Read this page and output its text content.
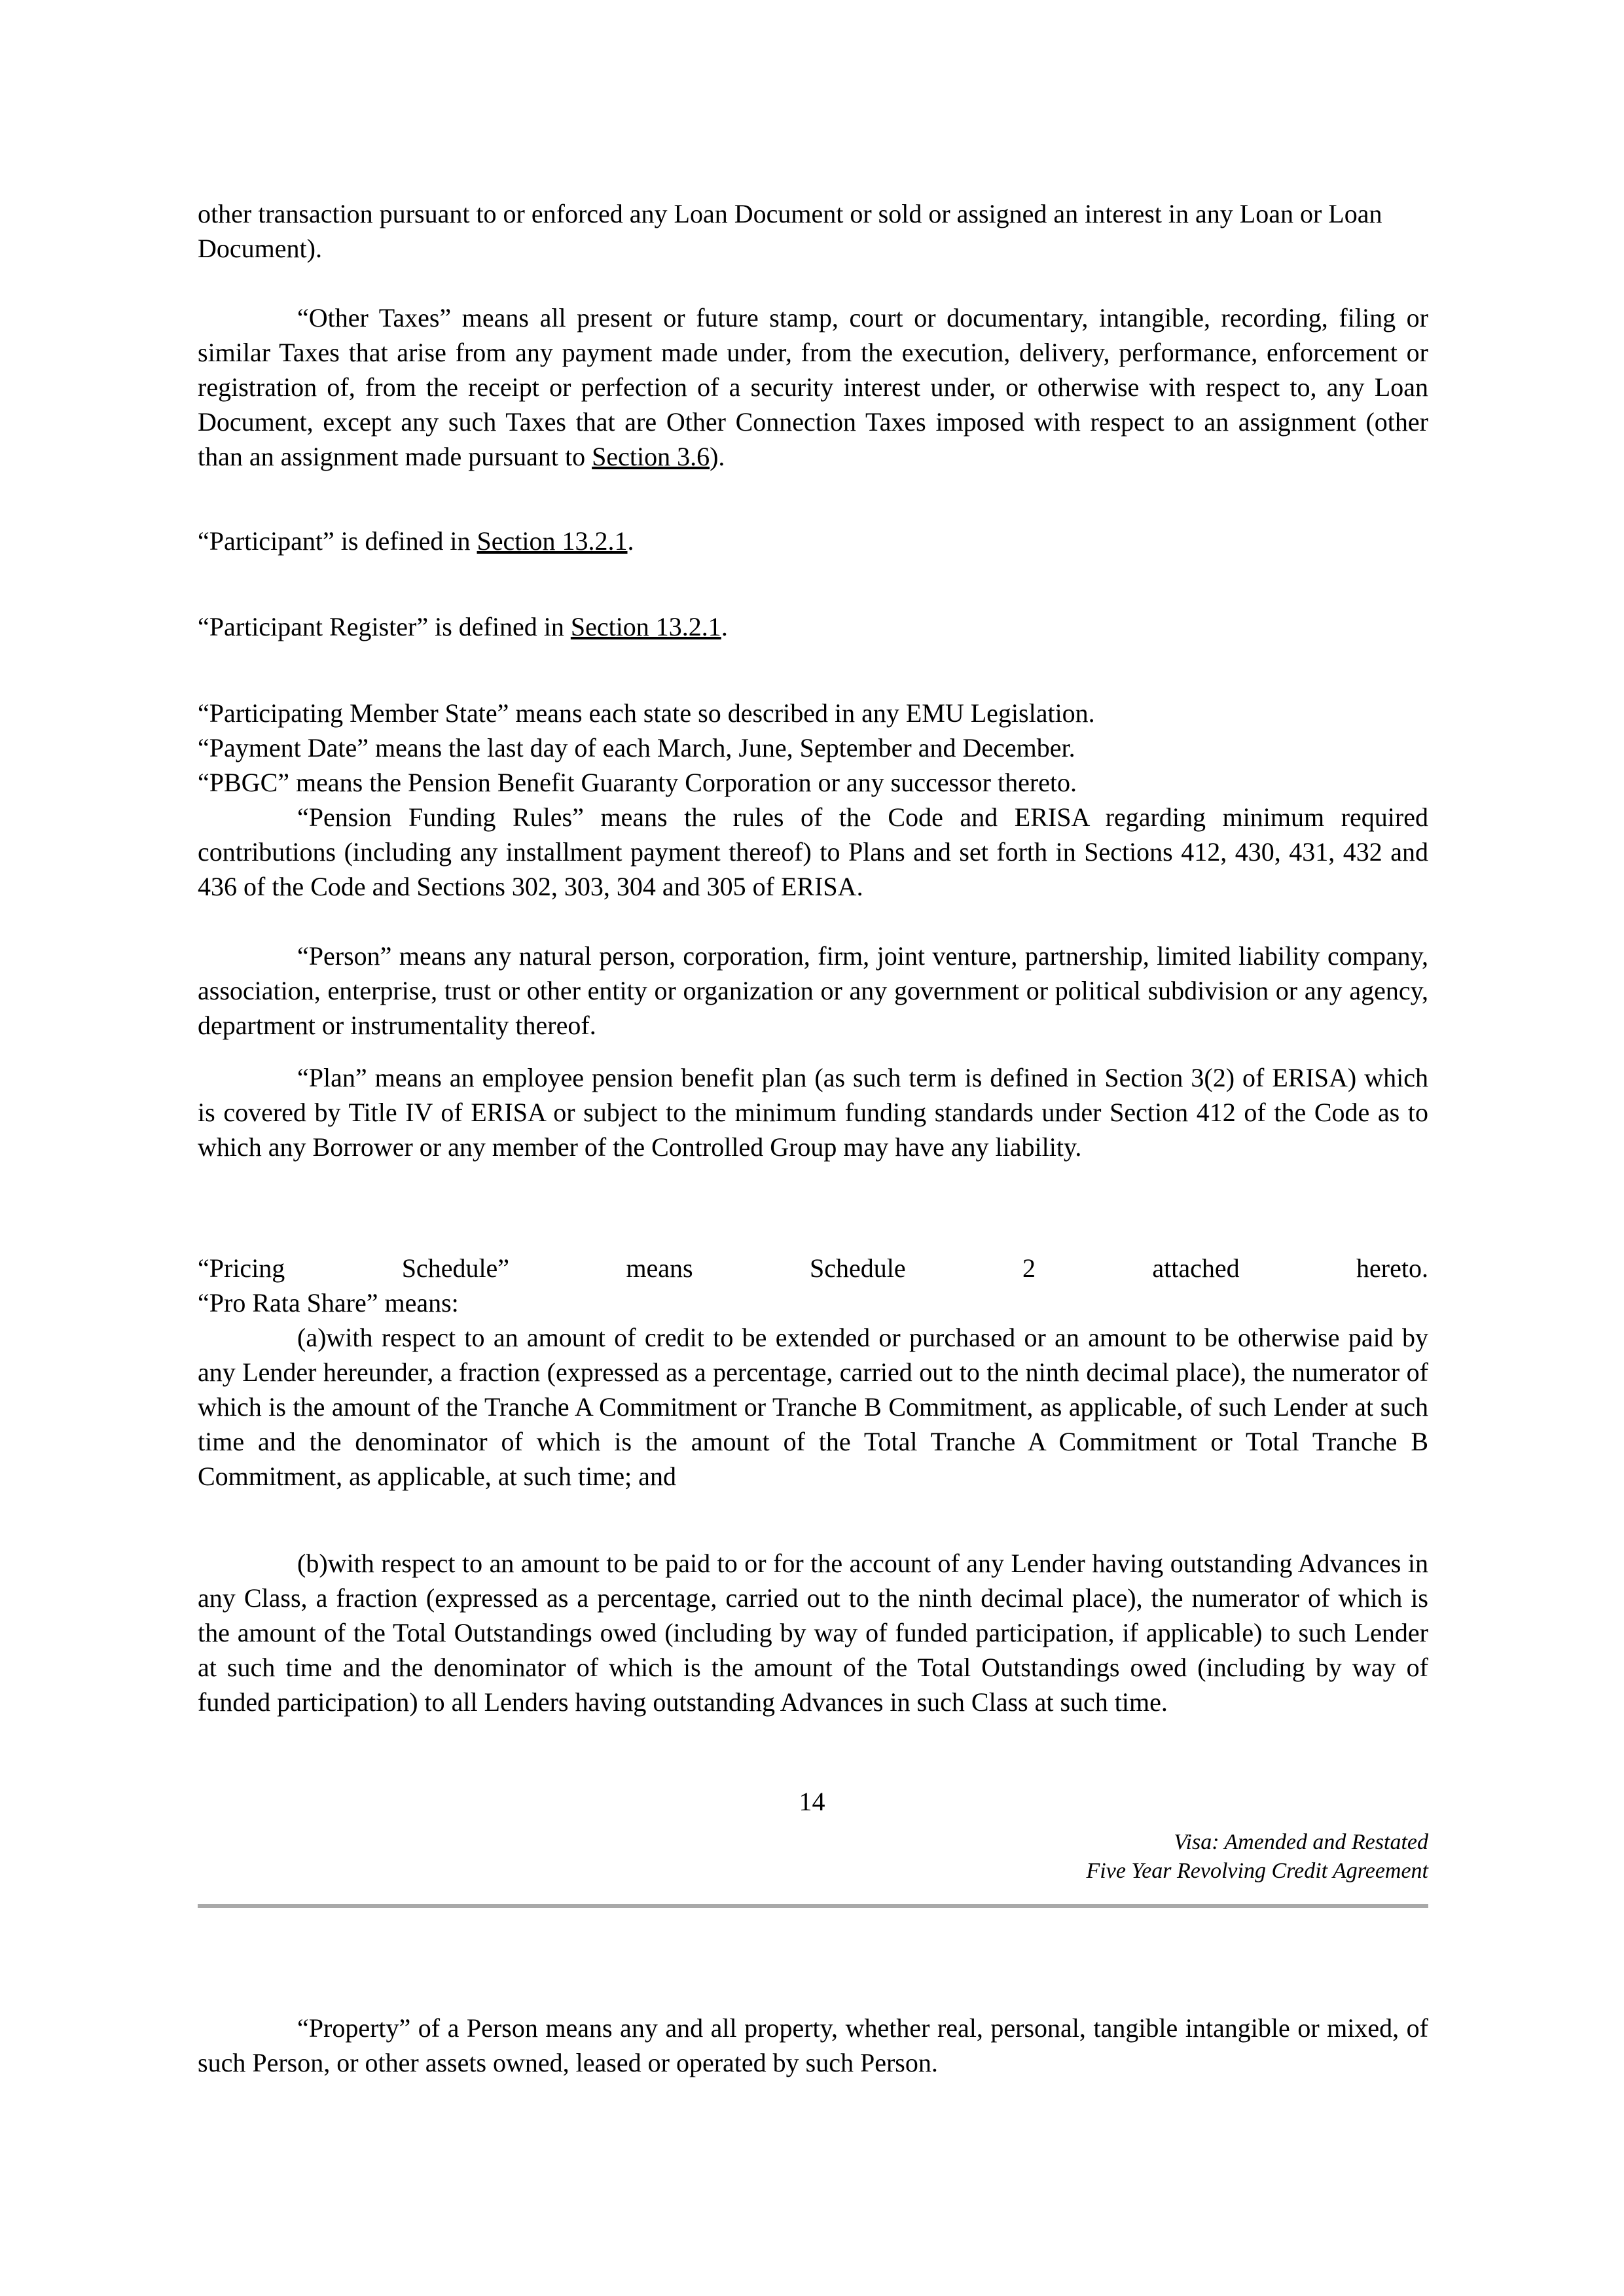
other transaction pursuant to or enforced any Loan Document or sold or assigned an interest in any Loan or Loan Document).

“Other Taxes” means all present or future stamp, court or documentary, intangible, recording, filing or similar Taxes that arise from any payment made under, from the execution, delivery, performance, enforcement or registration of, from the receipt or perfection of a security interest under, or otherwise with respect to, any Loan Document, except any such Taxes that are Other Connection Taxes imposed with respect to an assignment (other than an assignment made pursuant to Section 3.6).

“Participant” is defined in Section 13.2.1.

“Participant Register” is defined in Section 13.2.1.

“Participating Member State” means each state so described in any EMU Legislation.

“Payment Date” means the last day of each March, June, September and December.

“PBGC” means the Pension Benefit Guaranty Corporation or any successor thereto.

“Pension Funding Rules” means the rules of the Code and ERISA regarding minimum required contributions (including any installment payment thereof) to Plans and set forth in Sections 412, 430, 431, 432 and 436 of the Code and Sections 302, 303, 304 and 305 of ERISA.

“Person” means any natural person, corporation, firm, joint venture, partnership, limited liability company, association, enterprise, trust or other entity or organization or any government or political subdivision or any agency, department or instrumentality thereof.

“Plan” means an employee pension benefit plan (as such term is defined in Section 3(2) of ERISA) which is covered by Title IV of ERISA or subject to the minimum funding standards under Section 412 of the Code as to which any Borrower or any member of the Controlled Group may have any liability.

“Pricing	Schedule”	means	Schedule	2	attached	hereto.

“Pro Rata Share” means:

(a)with respect to an amount of credit to be extended or purchased or an amount to be otherwise paid by any Lender hereunder, a fraction (expressed as a percentage, carried out to the ninth decimal place), the numerator of which is the amount of the Tranche A Commitment or Tranche B Commitment, as applicable, of such Lender at such time and the denominator of which is the amount of the Total Tranche A Commitment or Total Tranche B Commitment, as applicable, at such time; and

(b)with respect to an amount to be paid to or for the account of any Lender having outstanding Advances in any Class, a fraction (expressed as a percentage, carried out to the ninth decimal place), the numerator of which is the amount of the Total Outstandings owed (including by way of funded participation, if applicable) to such Lender at such time and the denominator of which is the amount of the Total Outstandings owed (including by way of funded participation) to all Lenders having outstanding Advances in such Class at such time.

14
Visa: Amended and Restated
Five Year Revolving Credit Agreement

“Property” of a Person means any and all property, whether real, personal, tangible intangible or mixed, of such Person, or other assets owned, leased or operated by such Person.
